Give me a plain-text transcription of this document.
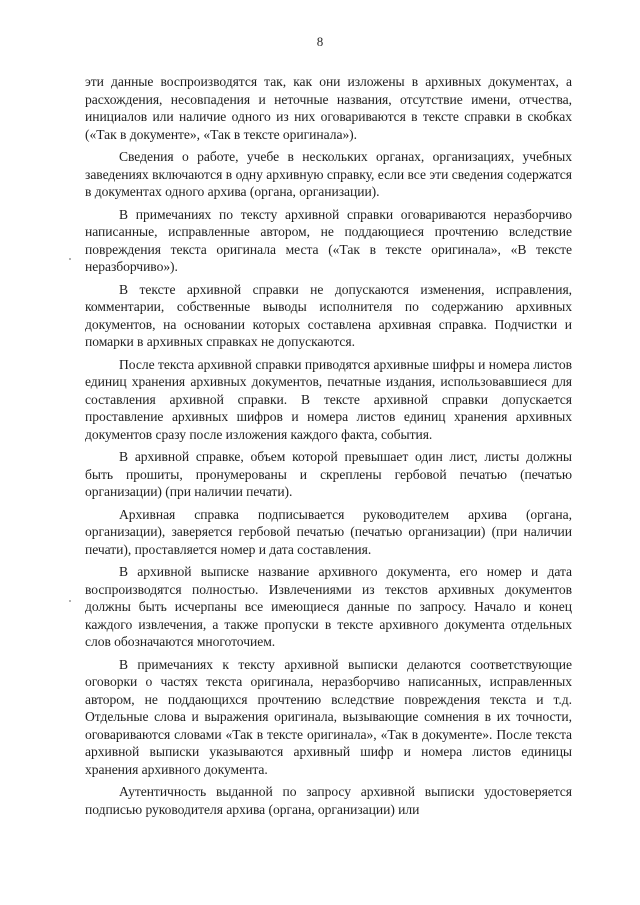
8

эти данные воспроизводятся так, как они изложены в архивных документах, а расхождения, несовпадения и неточные названия, отсутствие имени, отчества, инициалов или наличие одного из них оговариваются в тексте справки в скобках («Так в документе», «Так в тексте оригинала»).

Сведения о работе, учебе в нескольких органах, организациях, учебных заведениях включаются в одну архивную справку, если все эти сведения содержатся в документах одного архива (органа, организации).

В примечаниях по тексту архивной справки оговариваются неразборчиво написанные, исправленные автором, не поддающиеся прочтению вследствие повреждения текста оригинала места («Так в тексте оригинала», «В тексте неразборчиво»).

В тексте архивной справки не допускаются изменения, исправления, комментарии, собственные выводы исполнителя по содержанию архивных документов, на основании которых составлена архивная справка. Подчистки и помарки в архивных справках не допускаются.

После текста архивной справки приводятся архивные шифры и номера листов единиц хранения архивных документов, печатные издания, использовавшиеся для составления архивной справки. В тексте архивной справки допускается проставление архивных шифров и номера листов единиц хранения архивных документов сразу после изложения каждого факта, события.

В архивной справке, объем которой превышает один лист, листы должны быть прошиты, пронумерованы и скреплены гербовой печатью (печатью организации) (при наличии печати).

Архивная справка подписывается руководителем архива (органа, организации), заверяется гербовой печатью (печатью организации) (при наличии печати), проставляется номер и дата составления.

В архивной выписке название архивного документа, его номер и дата воспроизводятся полностью. Извлечениями из текстов архивных документов должны быть исчерпаны все имеющиеся данные по запросу. Начало и конец каждого извлечения, а также пропуски в тексте архивного документа отдельных слов обозначаются многоточием.

В примечаниях к тексту архивной выписки делаются соответствующие оговорки о частях текста оригинала, неразборчиво написанных, исправленных автором, не поддающихся прочтению вследствие повреждения текста и т.д. Отдельные слова и выражения оригинала, вызывающие сомнения в их точности, оговариваются словами «Так в тексте оригинала», «Так в документе». После текста архивной выписки указываются архивный шифр и номера листов единицы хранения архивного документа.

Аутентичность выданной по запросу архивной выписки удостоверяется подписью руководителя архива (органа, организации) или
